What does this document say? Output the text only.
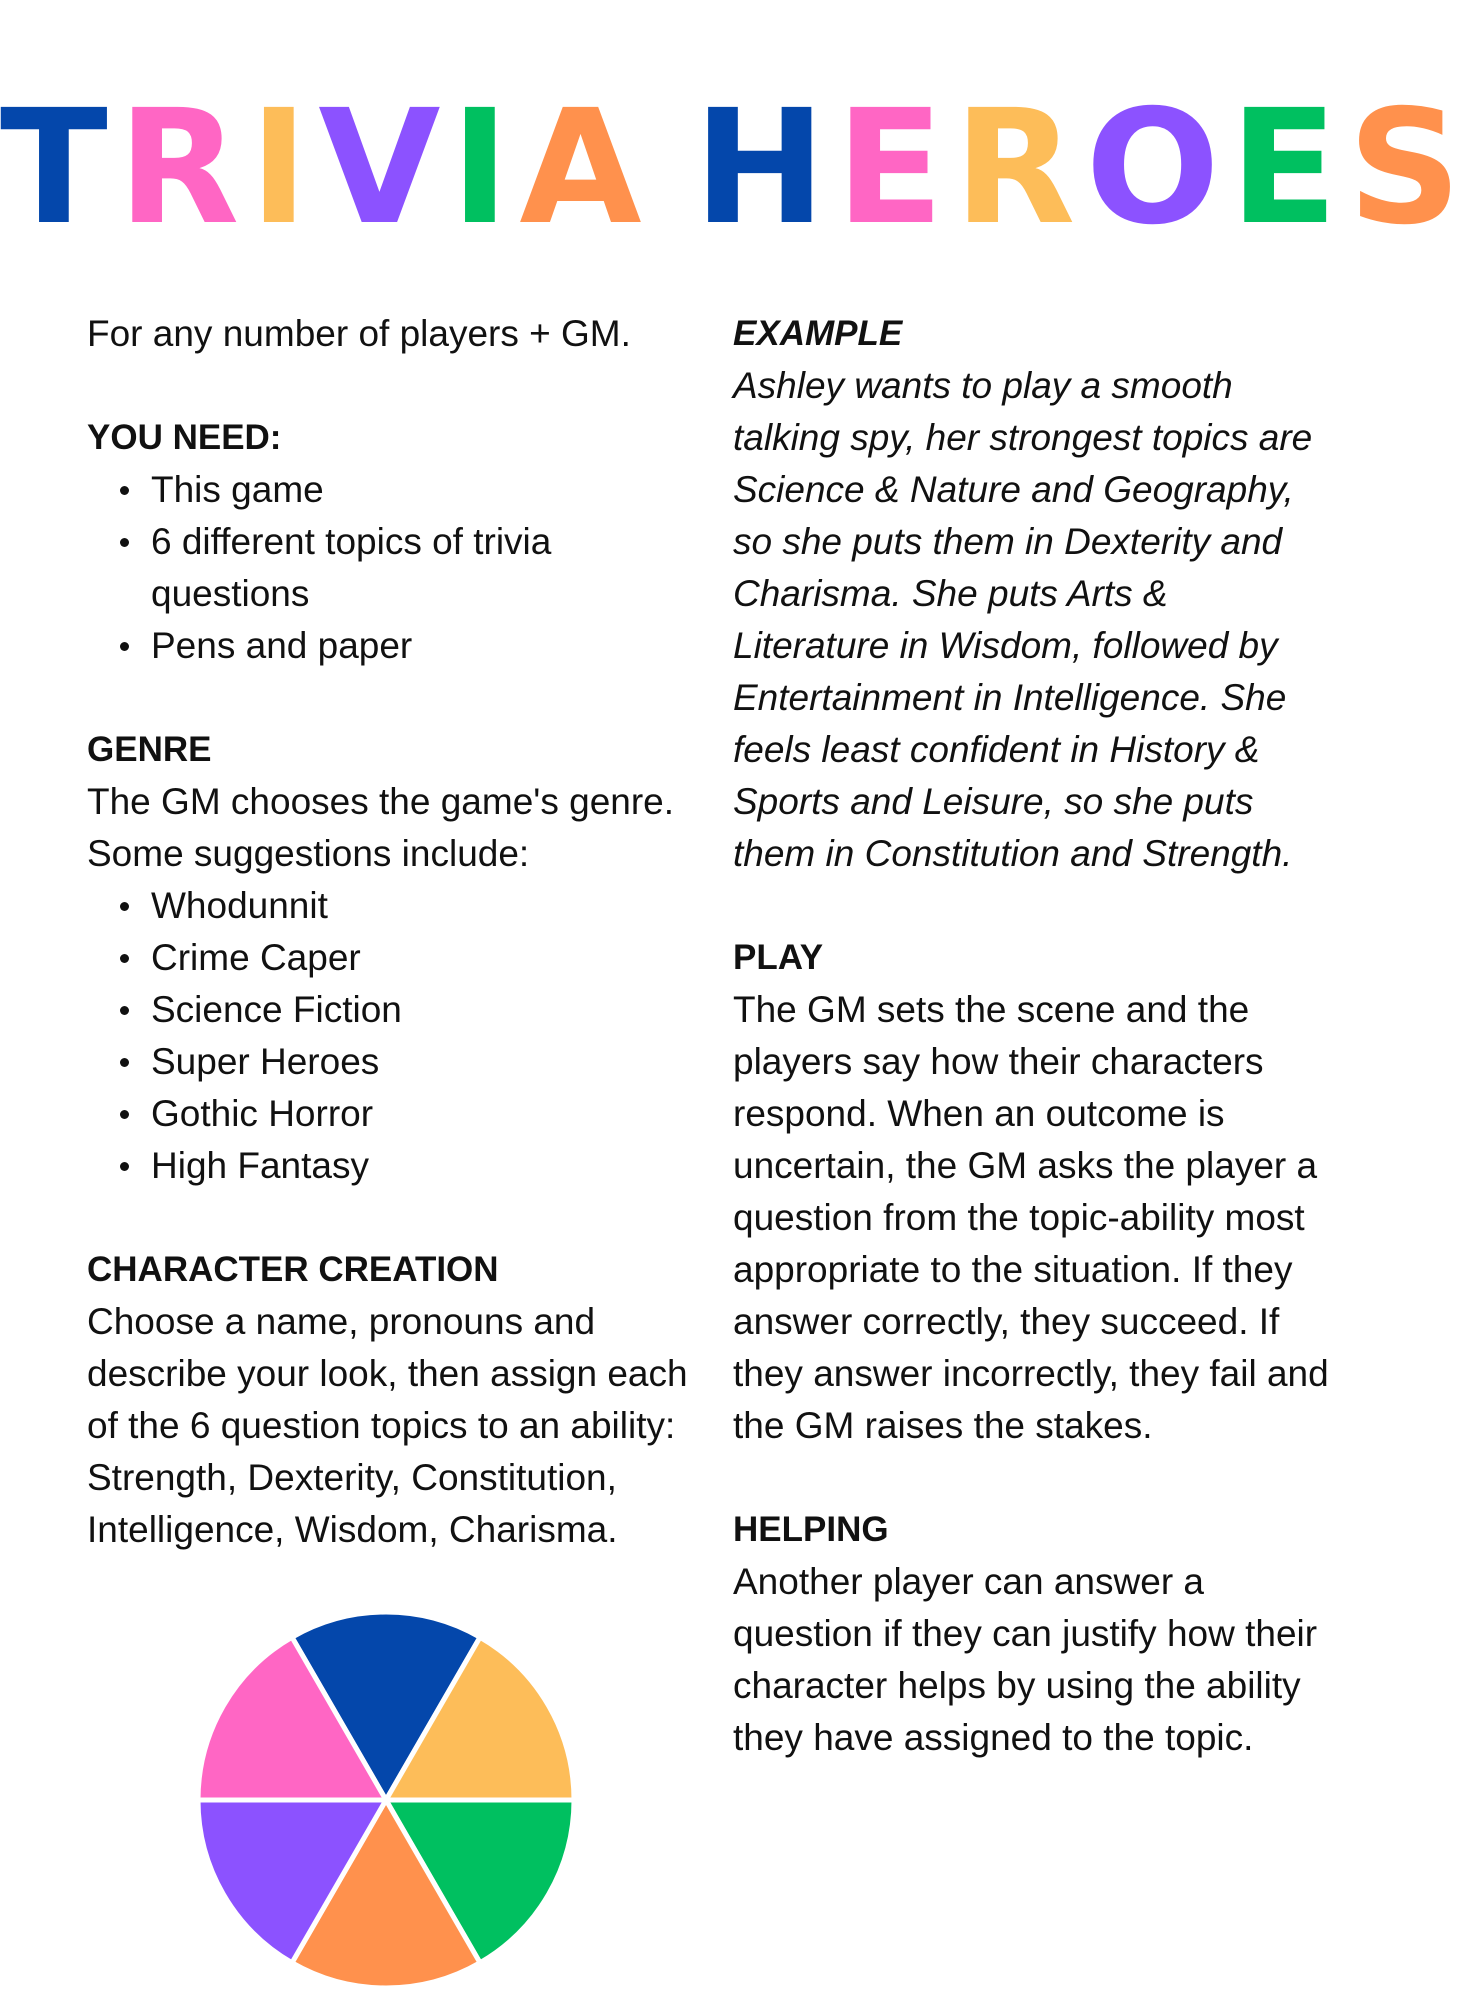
TRIVIA HEROES

For any number of players + GM.

YOU NEED:
This game
6 different topics of trivia questions
Pens and paper
GENRE

The GM chooses the game's genre. Some suggestions include:

Whodunnit
Crime Caper
Science Fiction
Super Heroes
Gothic Horror
High Fantasy
CHARACTER CREATION

Choose a name, pronouns and describe your look, then assign each of the 6 question topics to an ability: Strength, Dexterity, Constitution, Intelligence, Wisdom, Charisma.

EXAMPLE

Ashley wants to play a smooth talking spy, her strongest topics are Science & Nature and Geography, so she puts them in Dexterity and Charisma. She puts Arts & Literature in Wisdom, followed by Entertainment in Intelligence. She feels least confident in History & Sports and Leisure, so she puts them in Constitution and Strength.

PLAY

The GM sets the scene and the players say how their characters respond. When an outcome is uncertain, the GM asks the player a question from the topic-ability most appropriate to the situation. If they answer correctly, they succeed. If they answer incorrectly, they fail and the GM raises the stakes.

HELPING

Another player can answer a question if they can justify how their character helps by using the ability they have assigned to the topic.
